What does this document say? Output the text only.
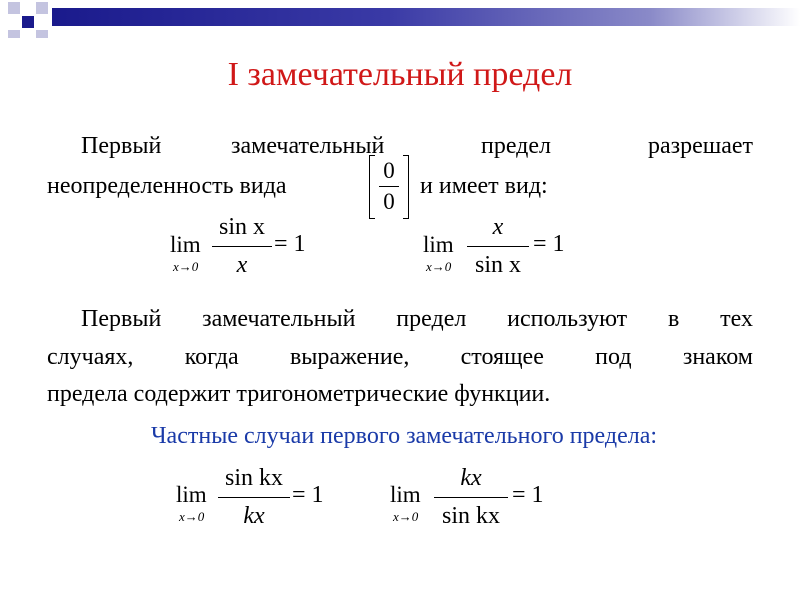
I замечательный предел
Первый	замечательный	предел	разрешает
неопределенность вида
0
0
и имеет вид:
lim
x→0
sin x
x
= 1	lim
x→0
x
sin x
= 1
Первый замечательный предел используют в тех
случаях, когда выражение, стоящее под знаком
предела содержит тригонометрические функции.
Частные случаи первого замечательного предела:
lim
x→0
sin kx
kx
= 1	lim
x→0
kx
sin kx
= 1
